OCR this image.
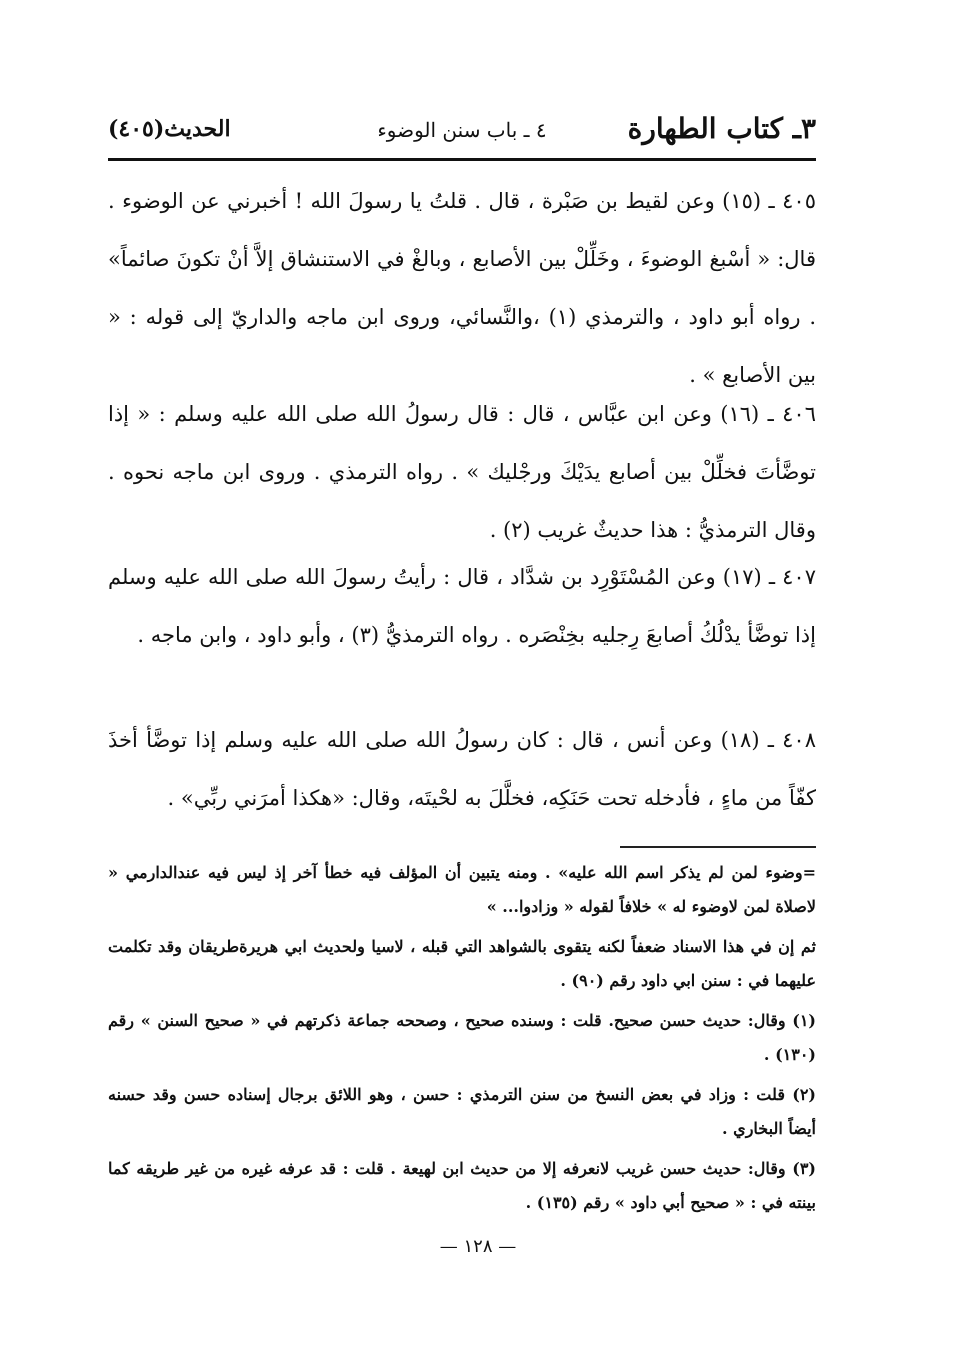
٣ـ كتاب الطهارة
٤ ـ باب سنن الوضوء
الحديث(٤٠٥)
٤٠٥ ـ (١٥) وعن لقيط بن صَبْرة ، قال . قلتُ يا رسولَ الله ! أخبرني عن الوضوء . قال: « أسْبغ الوضوءَ ، وخَلِّلْ بين الأصابع ، وبالغْ في الاستنشاق إلاَّ أنْ تكونَ صائماً» . رواه أبو داود ، والترمذي (١) ،والنَّسائي، وروى ابن ماجه والداريّ إلى قوله : « بين الأصابع » .
٤٠٦ ـ (١٦) وعن ابن عبَّاس ، قال : قال رسولُ الله صلى الله عليه وسلم : « إذا توضَّأتَ فخلِّلْ بين أصابع يدَيْكَ ورجْليك » . رواه الترمذي . وروى ابن ماجه نحوه . وقال الترمذيُّ : هذا حديثٌ غريب (٢) .
٤٠٧ ـ (١٧) وعن المُسْتَوْرِد بن شدَّاد ، قال : رأيتُ رسولَ الله صلى الله عليه وسلم إذا توضَّأ يدْلُكُ أصابعَ رِجليه بخِنْصَره . رواه الترمذيُّ (٣) ، وأبو داود ، وابن ماجه .
٤٠٨ ـ (١٨) وعن أنس ، قال : كان رسولُ الله صلى الله عليه وسلم إذا توضَّأ أخذَ كفّاً من ماءٍ ، فأدخله تحت حَنَكِه، فخلَّلَ به لحْيتَه، وقال: «هكذا أمرَني ربِّي» .

=وضوء لمن لم يذكر اسم الله عليه» . ومنه يتبين أن المؤلف فيه خطأ آخر إذ ليس فيه عندالدارمي « لاصلاة لمن لاوضوء له » خلافاً لقوله « وزادوا... »

ثم إن في هذا الاسناد ضعفاً لكنه يتقوى بالشواهد التي قبله ، لاسيا ولحديث ابي هريرةطريقان وقد تكلمت عليهما في : سنن ابي داود رقم (٩٠) .

(١) وقال: حديث حسن صحيح. قلت : وسنده صحيح ، وصححه جماعة ذكرتهم في « صحيح السنن » رقم (١٣٠) .

(٢) قلت : وزاد في بعض النسخ من سنن الترمذي : حسن ، وهو اللائق برجال إسناده حسن وقد حسنه أيضاً البخاري .

(٣) وقال: حديث حسن غريب لانعرفه إلا من حديث ابن لهيعة . قلت : قد عرفه غيره من غير طريقه كما بينته في : « صحيح أبي داود » رقم (١٣٥) .

— ١٢٨ —
